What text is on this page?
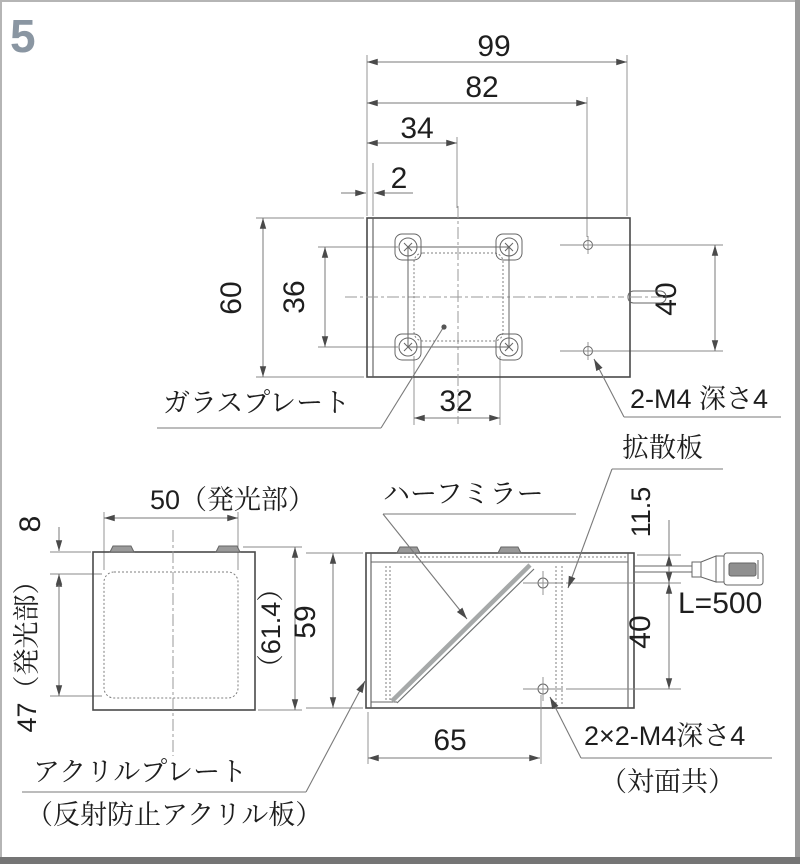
5	99
82
34
2
60 36	40
32
ガラスプレート	2-M4 深さ4
50（発光部）
8
47（発光部）	（61.4） 59
L=500
11.5
40
65
ハーフミラー
拡散板
アクリルプレート
（反射防止アクリル板）
2×2-M4深さ4
（対面共）
